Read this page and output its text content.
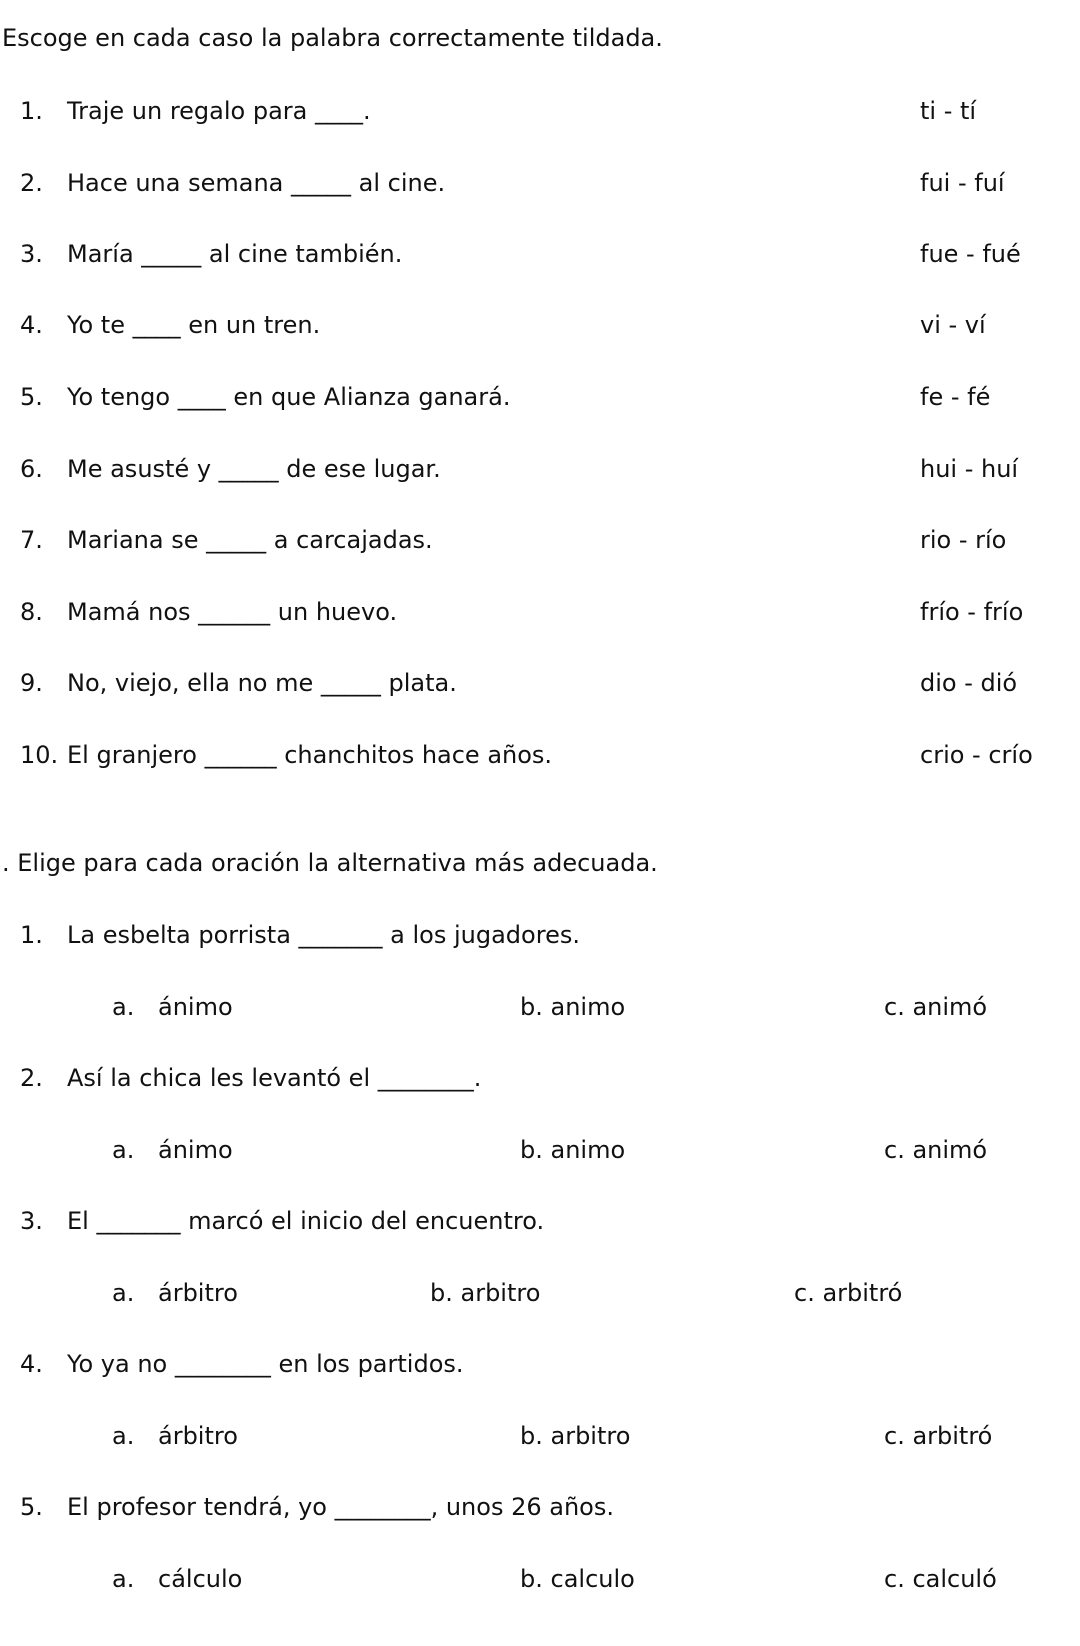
Escoge en cada caso la palabra correctamente tildada.
1. Traje un regalo para ____.	ti - tí
2. Hace una semana _____ al cine.	fui - fuí
3. María _____ al cine también.	fue - fué
4. Yo te ____ en un tren.	vi - ví
5. Yo tengo ____ en que Alianza ganará.	fe - fé
6. Me asusté y _____ de ese lugar.	hui - huí
7. Mariana se _____ a carcajadas.	rio - río
8. Mamá nos ______ un huevo.	frío - frío
9. No, viejo, ella no me _____ plata.	dio - dió
10. El granjero ______ chanchitos hace años.	crio - crío
. Elige para cada oración la alternativa más adecuada.
1. La esbelta porrista _______ a los jugadores.
a. ánimo	b. animo	c. animó
2. Así la chica les levantó el ________.
a. ánimo	b. animo	c. animó
3. El _______ marcó el inicio del encuentro.
a. árbitro	b. arbitro	c. arbitró
4. Yo ya no ________ en los partidos.
a. árbitro	b. arbitro	c. arbitró
5. El profesor tendrá, yo ________, unos 26 años.
a. cálculo	b. calculo	c. calculó
